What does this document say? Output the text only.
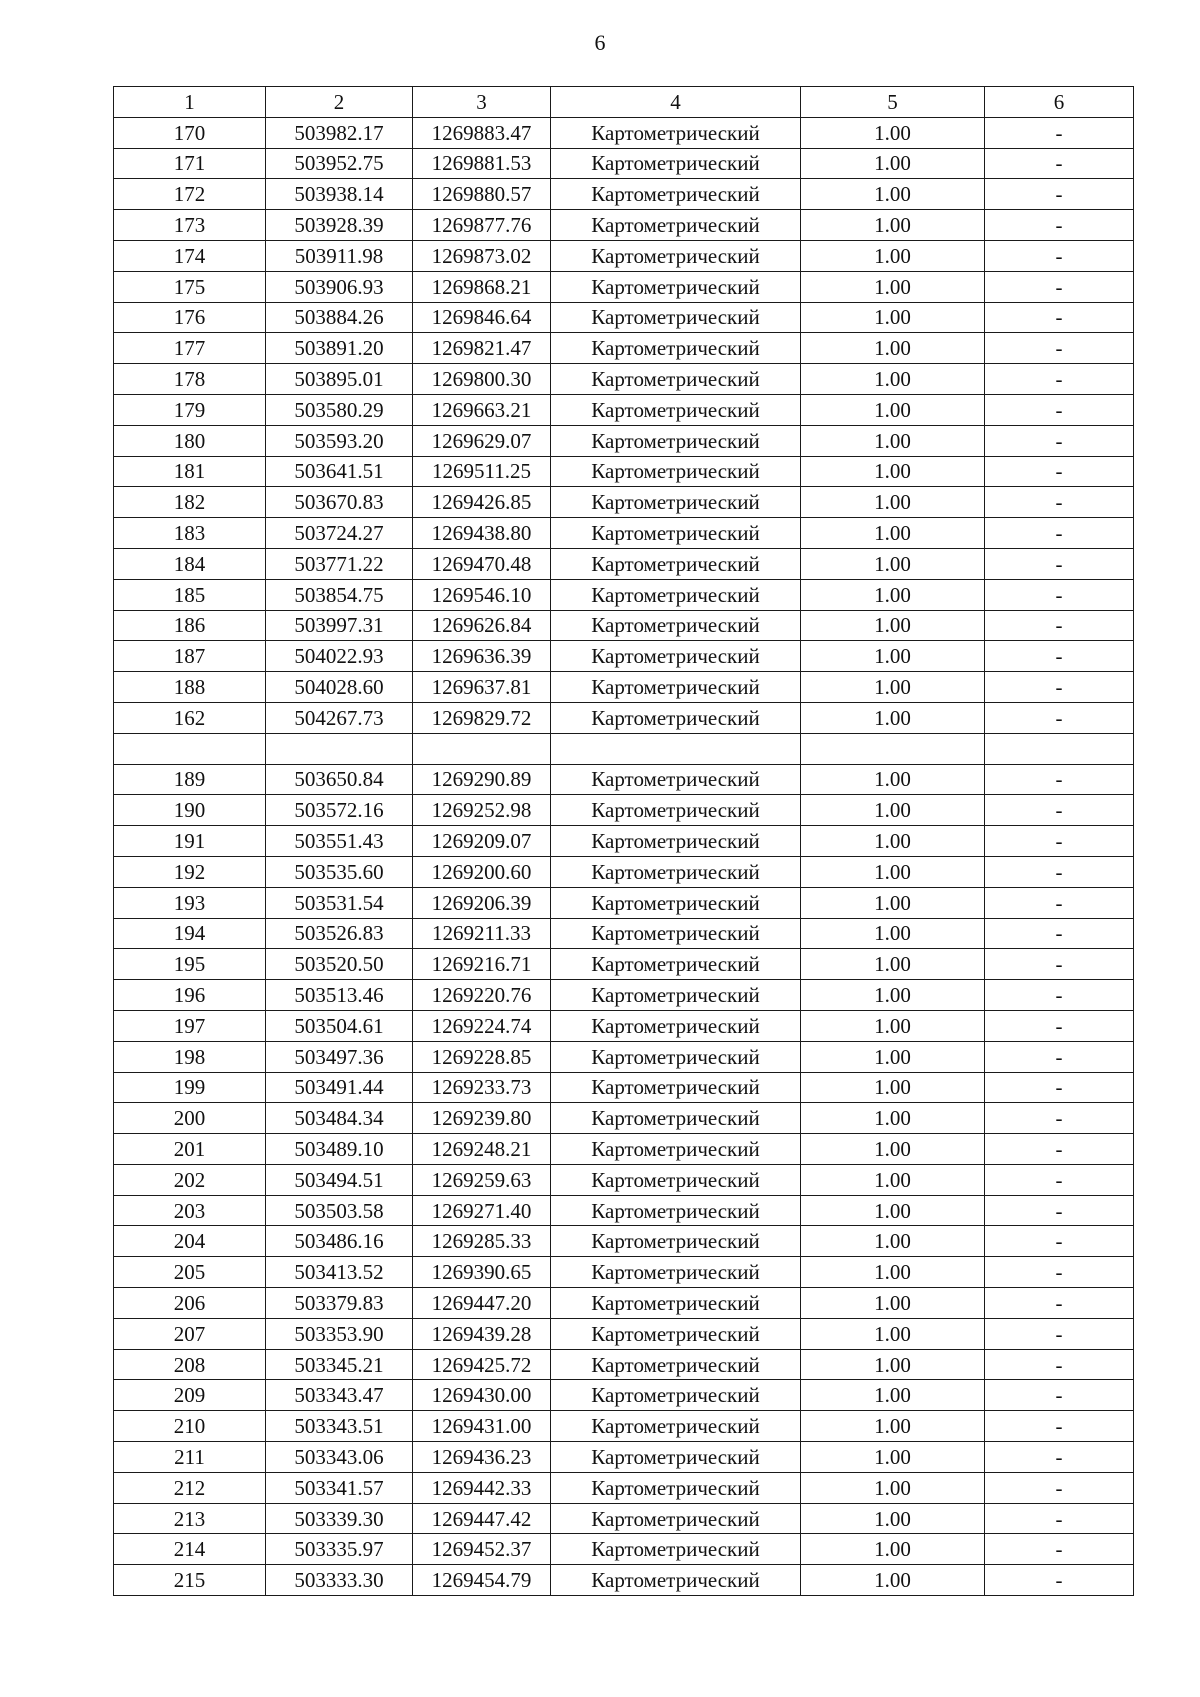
6
1	2	3	4	5	6
170	503982.17	1269883.47	Картометрический	1.00	-
171	503952.75	1269881.53	Картометрический	1.00	-
172	503938.14	1269880.57	Картометрический	1.00	-
173	503928.39	1269877.76	Картометрический	1.00	-
174	503911.98	1269873.02	Картометрический	1.00	-
175	503906.93	1269868.21	Картометрический	1.00	-
176	503884.26	1269846.64	Картометрический	1.00	-
177	503891.20	1269821.47	Картометрический	1.00	-
178	503895.01	1269800.30	Картометрический	1.00	-
179	503580.29	1269663.21	Картометрический	1.00	-
180	503593.20	1269629.07	Картометрический	1.00	-
181	503641.51	1269511.25	Картометрический	1.00	-
182	503670.83	1269426.85	Картометрический	1.00	-
183	503724.27	1269438.80	Картометрический	1.00	-
184	503771.22	1269470.48	Картометрический	1.00	-
185	503854.75	1269546.10	Картометрический	1.00	-
186	503997.31	1269626.84	Картометрический	1.00	-
187	504022.93	1269636.39	Картометрический	1.00	-
188	504028.60	1269637.81	Картометрический	1.00	-
162	504267.73	1269829.72	Картометрический	1.00	-

189	503650.84	1269290.89	Картометрический	1.00	-
190	503572.16	1269252.98	Картометрический	1.00	-
191	503551.43	1269209.07	Картометрический	1.00	-
192	503535.60	1269200.60	Картометрический	1.00	-
193	503531.54	1269206.39	Картометрический	1.00	-
194	503526.83	1269211.33	Картометрический	1.00	-
195	503520.50	1269216.71	Картометрический	1.00	-
196	503513.46	1269220.76	Картометрический	1.00	-
197	503504.61	1269224.74	Картометрический	1.00	-
198	503497.36	1269228.85	Картометрический	1.00	-
199	503491.44	1269233.73	Картометрический	1.00	-
200	503484.34	1269239.80	Картометрический	1.00	-
201	503489.10	1269248.21	Картометрический	1.00	-
202	503494.51	1269259.63	Картометрический	1.00	-
203	503503.58	1269271.40	Картометрический	1.00	-
204	503486.16	1269285.33	Картометрический	1.00	-
205	503413.52	1269390.65	Картометрический	1.00	-
206	503379.83	1269447.20	Картометрический	1.00	-
207	503353.90	1269439.28	Картометрический	1.00	-
208	503345.21	1269425.72	Картометрический	1.00	-
209	503343.47	1269430.00	Картометрический	1.00	-
210	503343.51	1269431.00	Картометрический	1.00	-
211	503343.06	1269436.23	Картометрический	1.00	-
212	503341.57	1269442.33	Картометрический	1.00	-
213	503339.30	1269447.42	Картометрический	1.00	-
214	503335.97	1269452.37	Картометрический	1.00	-
215	503333.30	1269454.79	Картометрический	1.00	-
